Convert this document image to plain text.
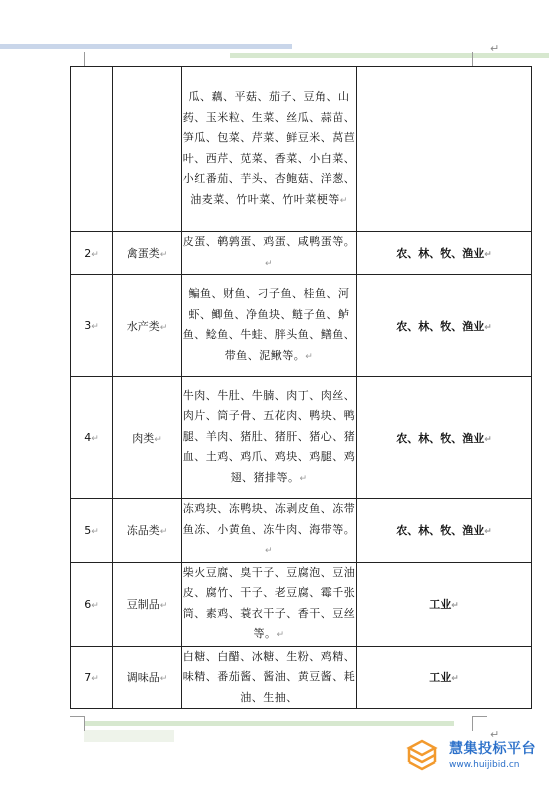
↵
↵
		瓜、藕、平菇、茄子、豆角、山药、玉米粒、生菜、丝瓜、蒜苗、笋瓜、包菜、芹菜、鲜豆米、莴苣叶、西芹、苋菜、香菜、小白菜、小红番茄、芋头、杏鲍菇、洋葱、油麦菜、竹叶菜、竹叶菜梗等↵	
2↵	禽蛋类↵	皮蛋、鹌鹑蛋、鸡蛋、咸鸭蛋等。↵	农、林、牧、渔业↵
3↵	水产类↵	鳊鱼、财鱼、刁子鱼、桂鱼、河虾、鲫鱼、净鱼块、鲢子鱼、鲈鱼、鲶鱼、牛蛙、胖头鱼、鳝鱼、带鱼、泥鳅等。↵	农、林、牧、渔业↵
4↵	肉类↵	牛肉、牛肚、牛腩、肉丁、肉丝、肉片、筒子骨、五花肉、鸭块、鸭腿、羊肉、猪肚、猪肝、猪心、猪血、土鸡、鸡爪、鸡块、鸡腿、鸡翅、猪排等。↵	农、林、牧、渔业↵
5↵	冻品类↵	冻鸡块、冻鸭块、冻剥皮鱼、冻带鱼冻、小黄鱼、冻牛肉、海带等。↵	农、林、牧、渔业↵
6↵	豆制品↵	柴火豆腐、臭干子、豆腐泡、豆油皮、腐竹、干子、老豆腐、霉千张筒、素鸡、蓑衣干子、香干、豆丝等。↵	工业↵
7↵	调味品↵	白糖、白醋、冰糖、生粉、鸡精、味精、番茄酱、酱油、黄豆酱、耗油、生抽、	工业↵
慧集投标平台
www.huijibid.cn
